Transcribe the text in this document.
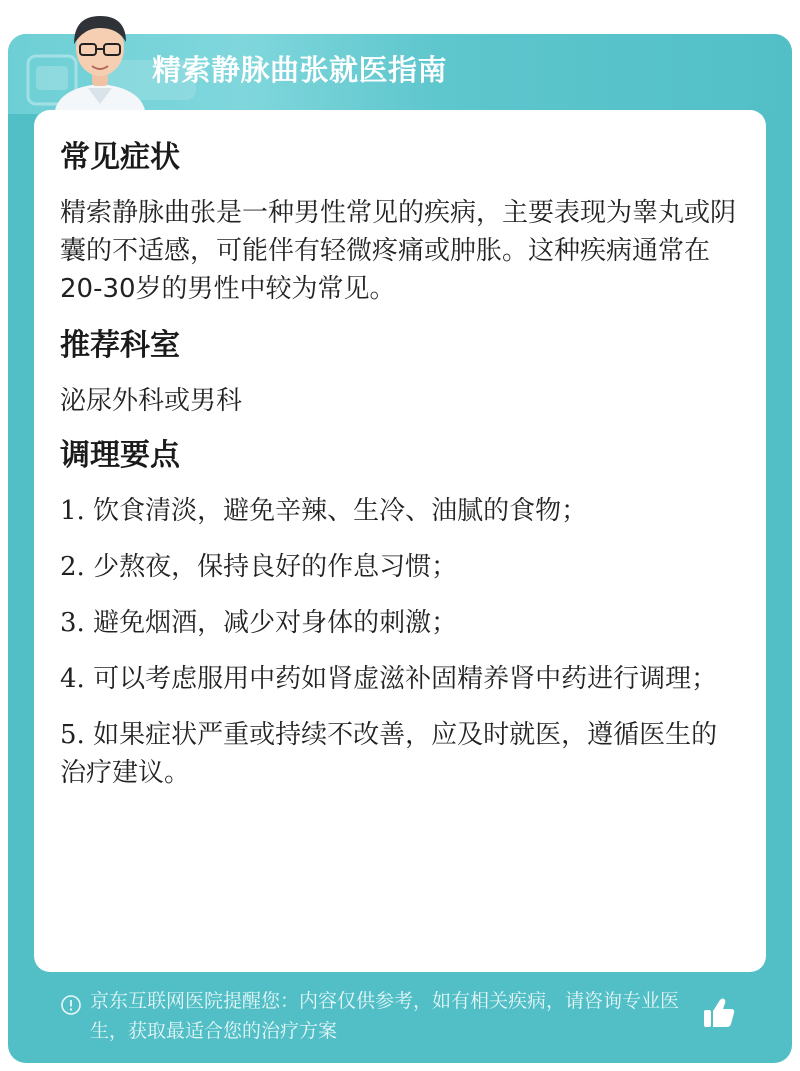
精索静脉曲张就医指南
常见症状
精索静脉曲张是一种男性常见的疾病，主要表现为睾丸或阴囊的不适感，可能伴有轻微疼痛或肿胀。这种疾病通常在20-30岁的男性中较为常见。
推荐科室
泌尿外科或男科
调理要点
1. 饮食清淡，避免辛辣、生冷、油腻的食物；
2. 少熬夜，保持良好的作息习惯；
3. 避免烟酒，减少对身体的刺激；
4. 可以考虑服用中药如肾虚滋补固精养肾中药进行调理；
5. 如果症状严重或持续不改善，应及时就医，遵循医生的治疗建议。
京东互联网医院提醒您：内容仅供参考，如有相关疾病，请咨询专业医生，获取最适合您的治疗方案
